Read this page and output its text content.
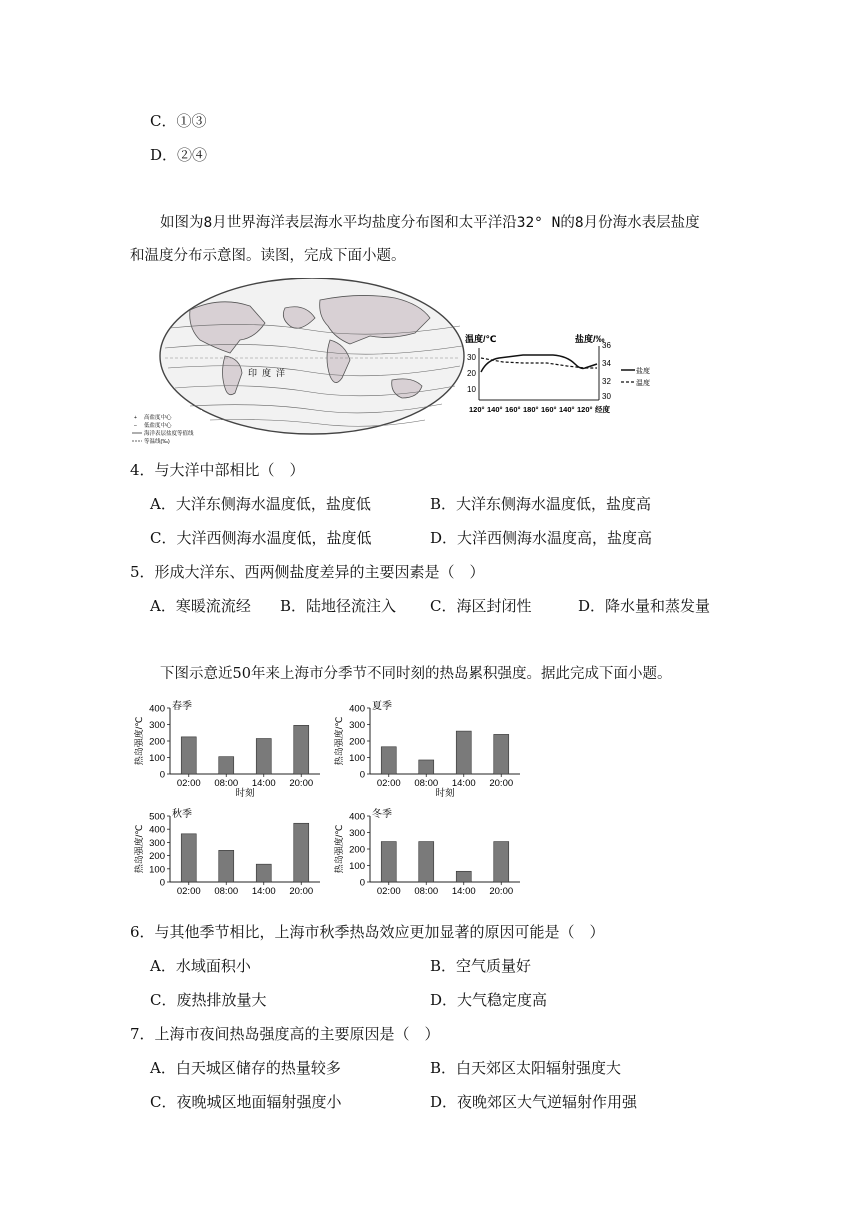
C．①③
D．②④
如图为8月世界海洋表层海水平均盐度分布图和太平洋沿32° N的8月份海水表层盐度
和温度分布示意图。读图，完成下面小题。
印 度 洋
+ 高盐度中心
– 低盐度中心
海洋表层盐度等值线
等温线(‰)
温度/℃	盐度/‰
30
20
10
36
34
32
30
盐度
温度
120° 140° 160° 180° 160° 140° 120° 经度
4．与大洋中部相比（　）
A．大洋东侧海水温度低，盐度低	B．大洋东侧海水温度低，盐度高
C．大洋西侧海水温度低，盐度低	D．大洋西侧海水温度高，盐度高
5．形成大洋东、西两侧盐度差异的主要因素是（　）
A．寒暖流流经 B．陆地径流注入 C．海区封闭性	D．降水量和蒸发量
下图示意近50年来上海市分季节不同时刻的热岛累积强度。据此完成下面小题。
0
100
200
300
400
热岛强度/℃
春季
02:00 08:00 14:00 20:00
时刻
0
100
200
300
400
热岛强度/℃
夏季
02:00 08:00 14:00 20:00
时刻
0
100
200
300
400
500
热岛强度/℃
秋季
02:00 08:00 14:00 20:00
0
100
200
300
400
热岛强度/℃
冬季
02:00 08:00 14:00 20:00
6．与其他季节相比，上海市秋季热岛效应更加显著的原因可能是（　）
A．水域面积小	B．空气质量好
C．废热排放量大	D．大气稳定度高
7．上海市夜间热岛强度高的主要原因是（　）
A．白天城区储存的热量较多	B．白天郊区太阳辐射强度大
C．夜晚城区地面辐射强度小	D．夜晚郊区大气逆辐射作用强
